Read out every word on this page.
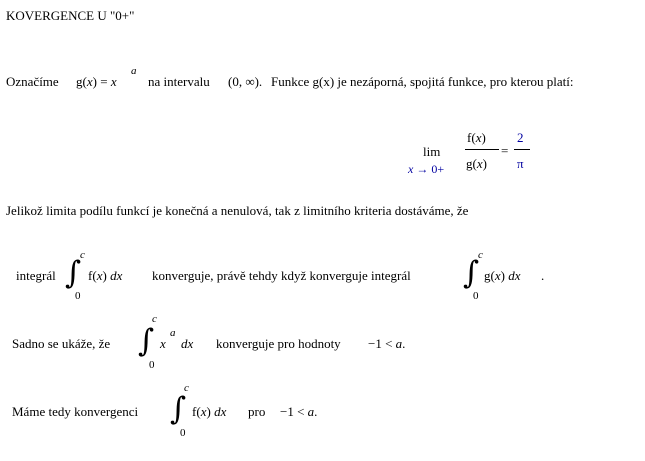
KOVERGENCE U "0+"
Označíme g(x) = x
a
na intervalu (0, ∞). Funkce g(x) je nezáporná, spojitá funkce, pro kterou platí:
lim
x → 0+
f(x)
g(x)
=
2
π
Jelikož limita podílu funkcí je konečná a nenulová, tak z limitního kriteria dostáváme, že
integrál ∫
c
0
f(x) dx konverguje, právě tehdy když konverguje integrál ∫
c
0
g(x) dx .
Sadno se ukáže, že ∫
c
0
x
a
dx konverguje pro hodnoty −1 < a.
Máme tedy konvergenci ∫
c
0
f(x) dx pro −1 < a.
